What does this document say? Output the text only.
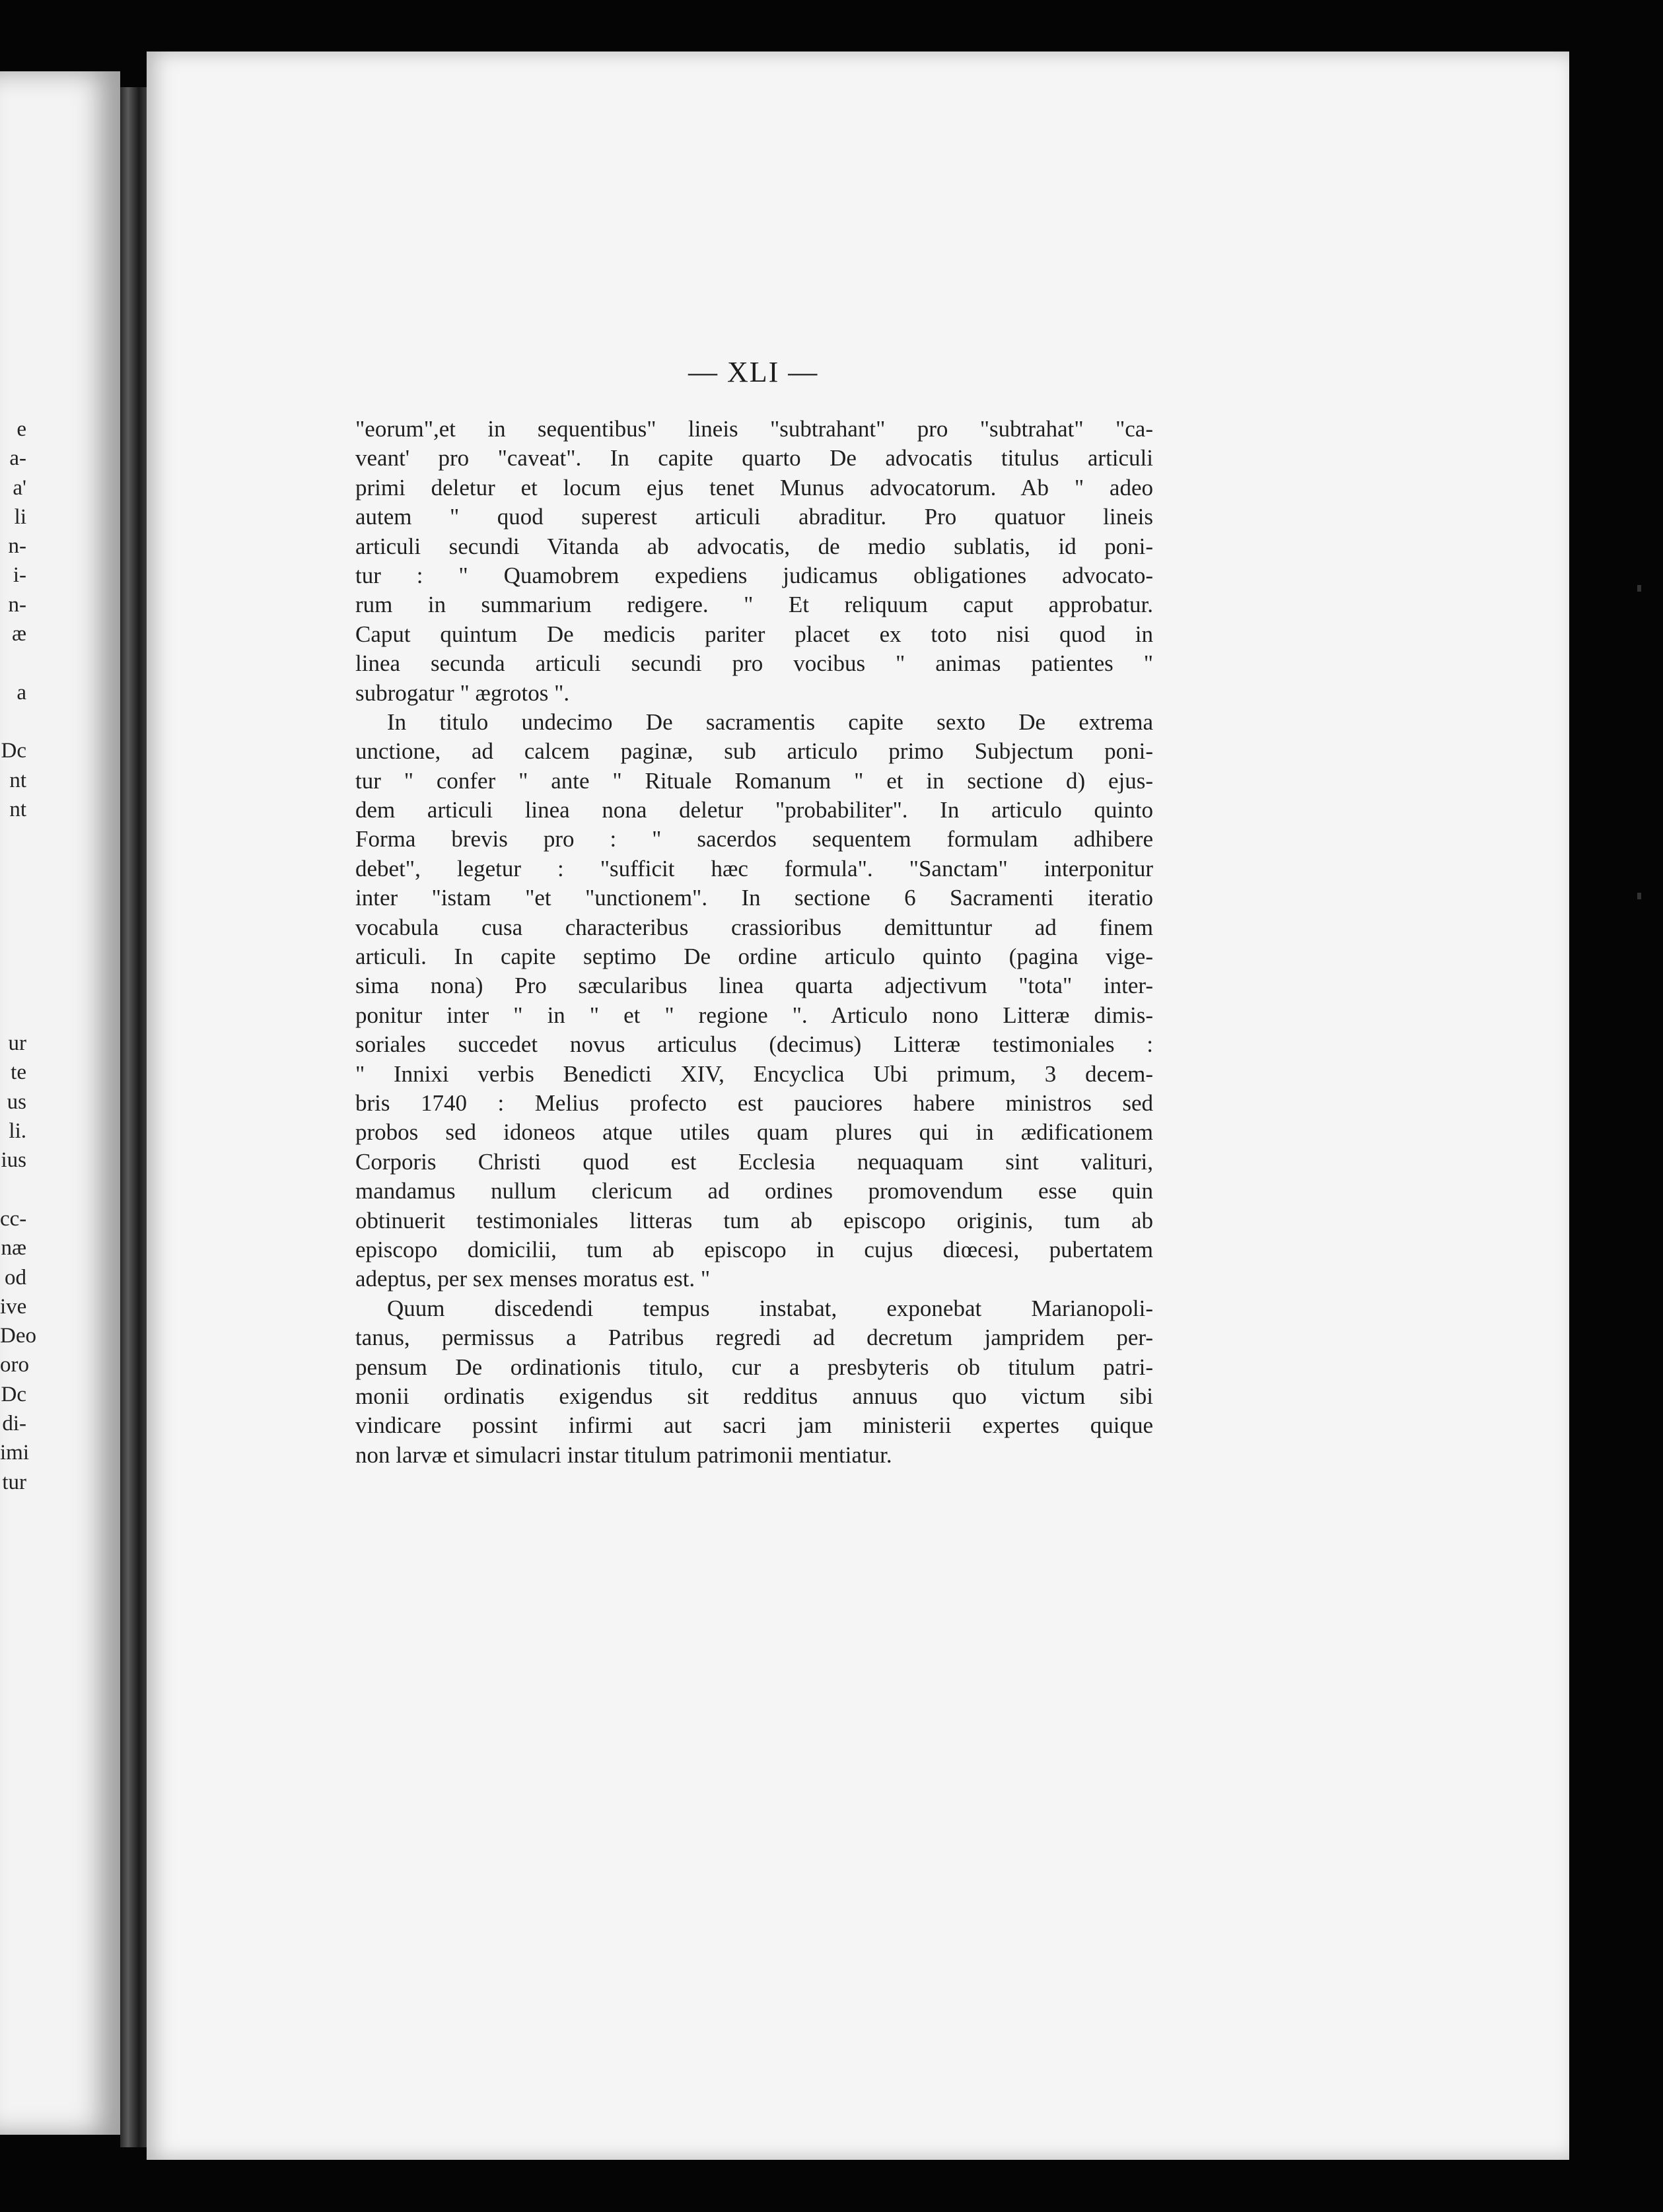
e
a-
a'
li
n-
i-
n-
æ
a
Dc
nt
nt
ur
te
us
li.
ius
cc-
næ
od
ive
Deo
oro
Dc
di-
imi
tur
— XLI —
"eorum",et in sequentibus" lineis "subtrahant" pro "subtrahat" "ca-
veant' pro "caveat". In capite quarto De advocatis titulus articuli
primi deletur et locum ejus tenet Munus advocatorum. Ab " adeo
autem " quod superest articuli abraditur. Pro quatuor lineis
articuli secundi Vitanda ab advocatis, de medio sublatis, id poni-
tur : " Quamobrem expediens judicamus obligationes advocato-
rum in summarium redigere. " Et reliquum caput approbatur.
Caput quintum De medicis pariter placet ex toto nisi quod in
linea secunda articuli secundi pro vocibus " animas patientes "
subrogatur " ægrotos ".
In titulo undecimo De sacramentis capite sexto De extrema
unctione, ad calcem paginæ, sub articulo primo Subjectum poni-
tur " confer " ante " Rituale Romanum " et in sectione d) ejus-
dem articuli linea nona deletur "probabiliter". In articulo quinto
Forma brevis pro : " sacerdos sequentem formulam adhibere
debet", legetur : "sufficit hæc formula". "Sanctam" interponitur
inter "istam "et "unctionem". In sectione 6 Sacramenti iteratio
vocabula cusa characteribus crassioribus demittuntur ad finem
articuli. In capite septimo De ordine articulo quinto (pagina vige-
sima nona) Pro sæcularibus linea quarta adjectivum "tota" inter-
ponitur inter " in " et " regione ". Articulo nono Litteræ dimis-
soriales succedet novus articulus (decimus) Litteræ testimoniales :
" Innixi verbis Benedicti XIV, Encyclica Ubi primum, 3 decem-
bris 1740 : Melius profecto est pauciores habere ministros sed
probos sed idoneos atque utiles quam plures qui in ædificationem
Corporis Christi quod est Ecclesia nequaquam sint valituri,
mandamus nullum clericum ad ordines promovendum esse quin
obtinuerit testimoniales litteras tum ab episcopo originis, tum ab
episcopo domicilii, tum ab episcopo in cujus diœcesi, pubertatem
adeptus, per sex menses moratus est. "
Quum discedendi tempus instabat, exponebat Marianopoli-
tanus, permissus a Patribus regredi ad decretum jampridem per-
pensum De ordinationis titulo, cur a presbyteris ob titulum patri-
monii ordinatis exigendus sit redditus annuus quo victum sibi
vindicare possint infirmi aut sacri jam ministerii expertes quique
non larvæ et simulacri instar titulum patrimonii mentiatur.
